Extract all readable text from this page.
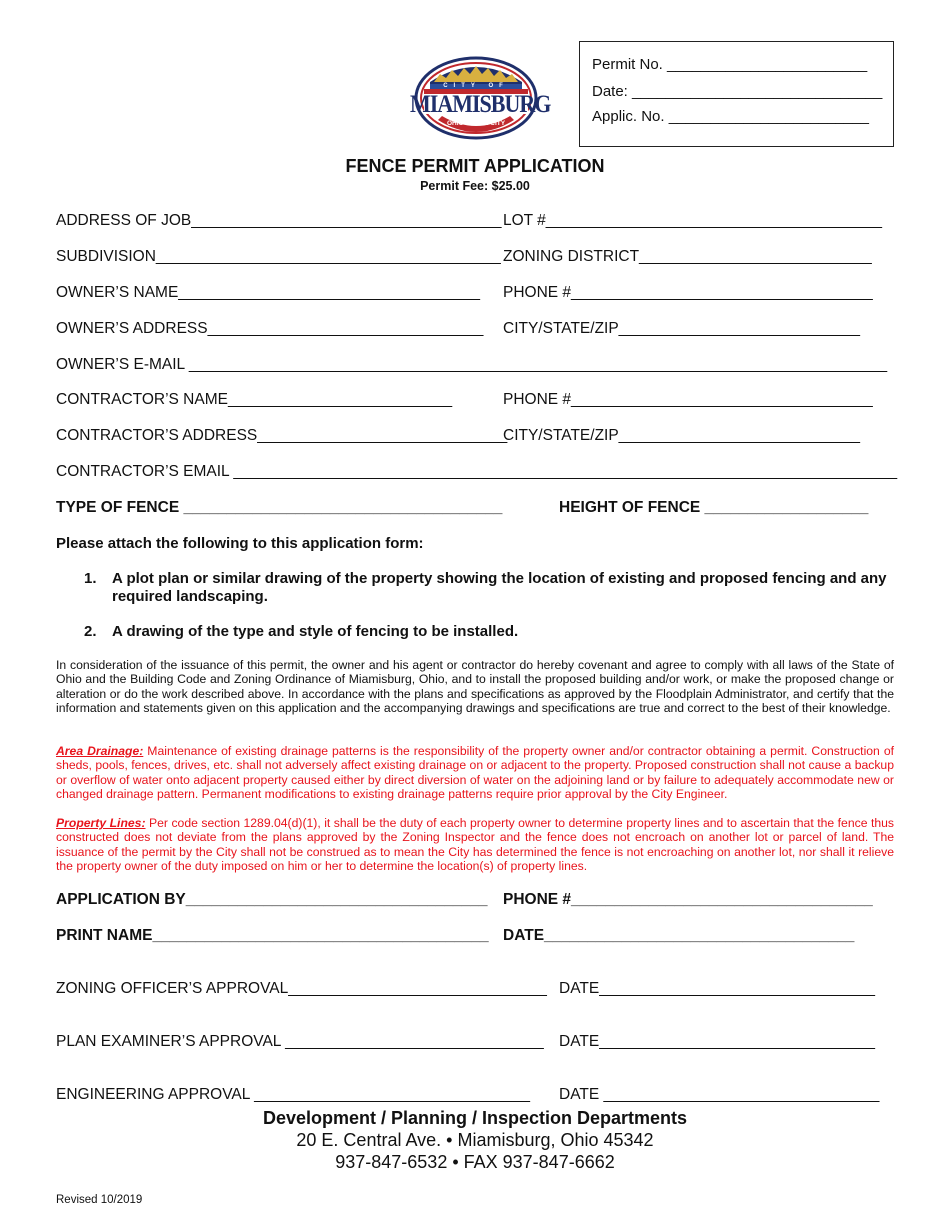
CITY OF
MIAMISBURG
OHIO'S STAR CITY
Permit No. ________________________
Date: ______________________________
Applic. No. ________________________
FENCE PERMIT APPLICATION
Permit Fee: $25.00
ADDRESS OF JOB____________________________________ LOT #_______________________________________
SUBDIVISION________________________________________ ZONING DISTRICT___________________________
OWNER’S NAME___________________________________ PHONE #___________________________________
OWNER’S ADDRESS________________________________ CITY/STATE/ZIP____________________________
OWNER’S E-MAIL _________________________________________________________________________________
CONTRACTOR’S NAME__________________________	PHONE #___________________________________
CONTRACTOR’S ADDRESS_____________________________
CITY/STATE/ZIP____________________________
CONTRACTOR’S EMAIL _____________________________________________________________________________
TYPE OF FENCE _____________________________________	HEIGHT OF FENCE ___________________
Please attach the following to this application form:
1. A plot plan or similar drawing of the property showing the location of existing and proposed fencing and any required landscaping.
2. A drawing of the type and style of fencing to be installed.
In consideration of the issuance of this permit, the owner and his agent or contractor do hereby covenant and agree to comply with all laws of the State of Ohio and the Building Code and Zoning Ordinance of Miamisburg, Ohio, and to install the proposed building and/or work, or make the proposed change or alteration or do the work described above. In accordance with the plans and specifications as approved by the Floodplain Administrator, and certify that the information and statements given on this application and the accompanying drawings and specifications are true and correct to the best of their knowledge.
Area Drainage: Maintenance of existing drainage patterns is the responsibility of the property owner and/or contractor obtaining a permit. Construction of sheds, pools, fences, drives, etc. shall not adversely affect existing drainage on or adjacent to the property. Proposed construction shall not cause a backup or overflow of water onto adjacent property caused either by direct diversion of water on the adjoining land or by failure to adequately accommodate new or changed drainage pattern. Permanent modifications to existing drainage patterns require prior approval by the City Engineer.
Property Lines: Per code section 1289.04(d)(1), it shall be the duty of each property owner to determine property lines and to ascertain that the fence thus constructed does not deviate from the plans approved by the Zoning Inspector and the fence does not encroach on another lot or parcel of land. The issuance of the permit by the City shall not be construed as to mean the City has determined the fence is not encroaching on another lot, nor shall it relieve the property owner of the duty imposed on him or her to determine the location(s) of property lines.
APPLICATION BY___________________________________ PHONE #___________________________________
PRINT NAME_______________________________________ DATE____________________________________
ZONING OFFICER’S APPROVAL______________________________ DATE________________________________
PLAN EXAMINER’S APPROVAL ______________________________ DATE________________________________
ENGINEERING APPROVAL ________________________________ DATE ________________________________
Development / Planning / Inspection Departments
20 E. Central Ave. • Miamisburg, Ohio 45342
937-847-6532 • FAX 937-847-6662
Revised 10/2019
